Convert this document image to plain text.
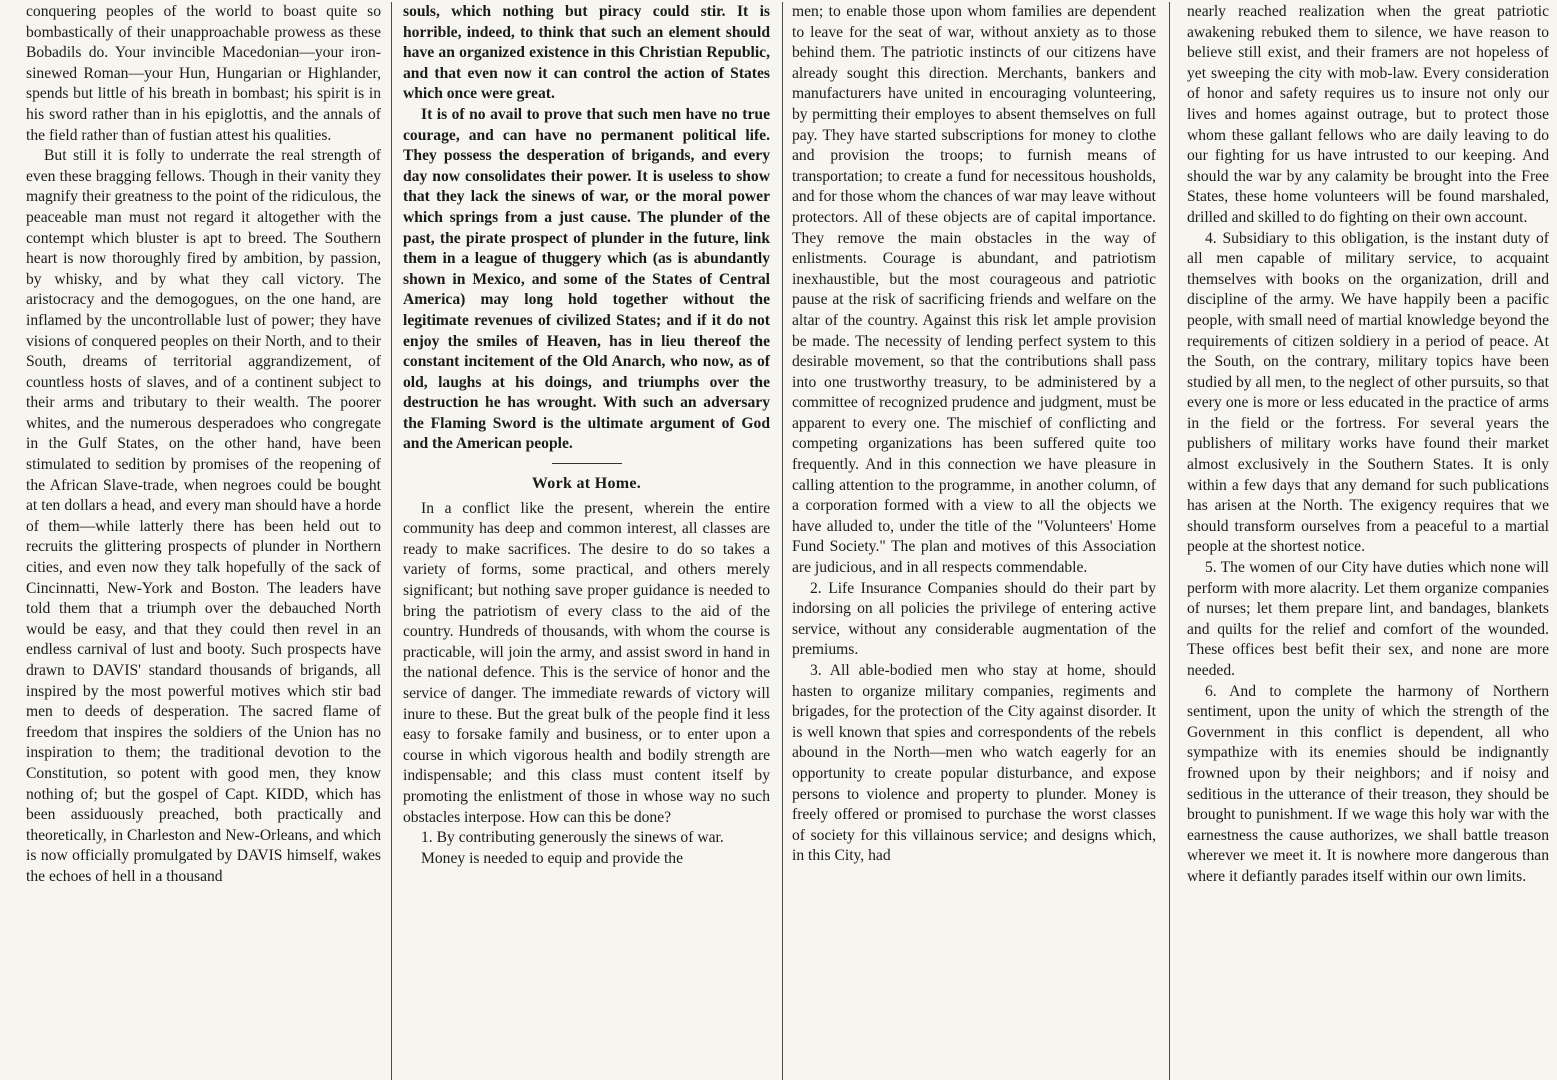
conquering peoples of the world to boast quite so bombastically of their unapproachable prowess as these Bobadils do. Your invincible Macedonian—your iron-sinewed Roman—your Hun, Hungarian or Highlander, spends but little of his breath in bombast; his spirit is in his sword rather than in his epiglottis, and the annals of the field rather than of fustian attest his qualities.

But still it is folly to underrate the real strength of even these bragging fellows. Though in their vanity they magnify their greatness to the point of the ridiculous, the peaceable man must not regard it altogether with the contempt which bluster is apt to breed. The Southern heart is now thoroughly fired by ambition, by passion, by whisky, and by what they call victory. The aristocracy and the demogogues, on the one hand, are inflamed by the uncontrollable lust of power; they have visions of conquered peoples on their North, and to their South, dreams of territorial aggrandizement, of countless hosts of slaves, and of a continent subject to their arms and tributary to their wealth. The poorer whites, and the numerous desperadoes who congregate in the Gulf States, on the other hand, have been stimulated to sedition by promises of the reopening of the African Slave-trade, when negroes could be bought at ten dollars a head, and every man should have a horde of them—while latterly there has been held out to recruits the glittering prospects of plunder in Northern cities, and even now they talk hopefully of the sack of Cincinnatti, New-York and Boston. The leaders have told them that a triumph over the debauched North would be easy, and that they could then revel in an endless carnival of lust and booty. Such prospects have drawn to DAVIS' standard thousands of brigands, all inspired by the most powerful motives which stir bad men to deeds of desperation. The sacred flame of freedom that inspires the soldiers of the Union has no inspiration to them; the traditional devotion to the Constitution, so potent with good men, they know nothing of; but the gospel of Capt. KIDD, which has been assiduously preached, both practically and theoretically, in Charleston and New-Orleans, and which is now officially promulgated by DAVIS himself, wakes the echoes of hell in a thousand

souls, which nothing but piracy could stir. It is horrible, indeed, to think that such an element should have an organized existence in this Christian Republic, and that even now it can control the action of States which once were great.

It is of no avail to prove that such men have no true courage, and can have no permanent political life. They possess the desperation of brigands, and every day now consolidates their power. It is useless to show that they lack the sinews of war, or the moral power which springs from a just cause. The plunder of the past, the pirate prospect of plunder in the future, link them in a league of thuggery which (as is abundantly shown in Mexico, and some of the States of Central America) may long hold together without the legitimate revenues of civilized States; and if it do not enjoy the smiles of Heaven, has in lieu thereof the constant incitement of the Old Anarch, who now, as of old, laughs at his doings, and triumphs over the destruction he has wrought. With such an adversary the Flaming Sword is the ultimate argument of God and the American people.

Work at Home.

In a conflict like the present, wherein the entire community has deep and common interest, all classes are ready to make sacrifices. The desire to do so takes a variety of forms, some practical, and others merely significant; but nothing save proper guidance is needed to bring the patriotism of every class to the aid of the country. Hundreds of thousands, with whom the course is practicable, will join the army, and assist sword in hand in the national defence. This is the service of honor and the service of danger. The immediate rewards of victory will inure to these. But the great bulk of the people find it less easy to forsake family and business, or to enter upon a course in which vigorous health and bodily strength are indispensable; and this class must content itself by promoting the enlistment of those in whose way no such obstacles interpose. How can this be done?

1. By contributing generously the sinews of war.

Money is needed to equip and provide the

men; to enable those upon whom families are dependent to leave for the seat of war, without anxiety as to those behind them. The patriotic instincts of our citizens have already sought this direction. Merchants, bankers and manufacturers have united in encouraging volunteering, by permitting their employes to absent themselves on full pay. They have started subscriptions for money to clothe and provision the troops; to furnish means of transportation; to create a fund for necessitous housholds, and for those whom the chances of war may leave without protectors. All of these objects are of capital importance. They remove the main obstacles in the way of enlistments. Courage is abundant, and patriotism inexhaustible, but the most courageous and patriotic pause at the risk of sacrificing friends and welfare on the altar of the country. Against this risk let ample provision be made. The necessity of lending perfect system to this desirable movement, so that the contributions shall pass into one trustworthy treasury, to be administered by a committee of recognized prudence and judgment, must be apparent to every one. The mischief of conflicting and competing organizations has been suffered quite too frequently. And in this connection we have pleasure in calling attention to the programme, in another column, of a corporation formed with a view to all the objects we have alluded to, under the title of the "Volunteers' Home Fund Society." The plan and motives of this Association are judicious, and in all respects commendable.

2. Life Insurance Companies should do their part by indorsing on all policies the privilege of entering active service, without any considerable augmentation of the premiums.

3. All able-bodied men who stay at home, should hasten to organize military companies, regiments and brigades, for the protection of the City against disorder. It is well known that spies and correspondents of the rebels abound in the North—men who watch eagerly for an opportunity to create popular disturbance, and expose persons to violence and property to plunder. Money is freely offered or promised to purchase the worst classes of society for this villainous service; and designs which, in this City, had

nearly reached realization when the great patriotic awakening rebuked them to silence, we have reason to believe still exist, and their framers are not hopeless of yet sweeping the city with mob-law. Every consideration of honor and safety requires us to insure not only our lives and homes against outrage, but to protect those whom these gallant fellows who are daily leaving to do our fighting for us have intrusted to our keeping. And should the war by any calamity be brought into the Free States, these home volunteers will be found marshaled, drilled and skilled to do fighting on their own account.

4. Subsidiary to this obligation, is the instant duty of all men capable of military service, to acquaint themselves with books on the organization, drill and discipline of the army. We have happily been a pacific people, with small need of martial knowledge beyond the requirements of citizen soldiery in a period of peace. At the South, on the contrary, military topics have been studied by all men, to the neglect of other pursuits, so that every one is more or less educated in the practice of arms in the field or the fortress. For several years the publishers of military works have found their market almost exclusively in the Southern States. It is only within a few days that any demand for such publications has arisen at the North. The exigency requires that we should transform ourselves from a peaceful to a martial people at the shortest notice.

5. The women of our City have duties which none will perform with more alacrity. Let them organize companies of nurses; let them prepare lint, and bandages, blankets and quilts for the relief and comfort of the wounded. These offices best befit their sex, and none are more needed.

6. And to complete the harmony of Northern sentiment, upon the unity of which the strength of the Government in this conflict is dependent, all who sympathize with its enemies should be indignantly frowned upon by their neighbors; and if noisy and seditious in the utterance of their treason, they should be brought to punishment. If we wage this holy war with the earnestness the cause authorizes, we shall battle treason wherever we meet it. It is nowhere more dangerous than where it defiantly parades itself within our own limits.
